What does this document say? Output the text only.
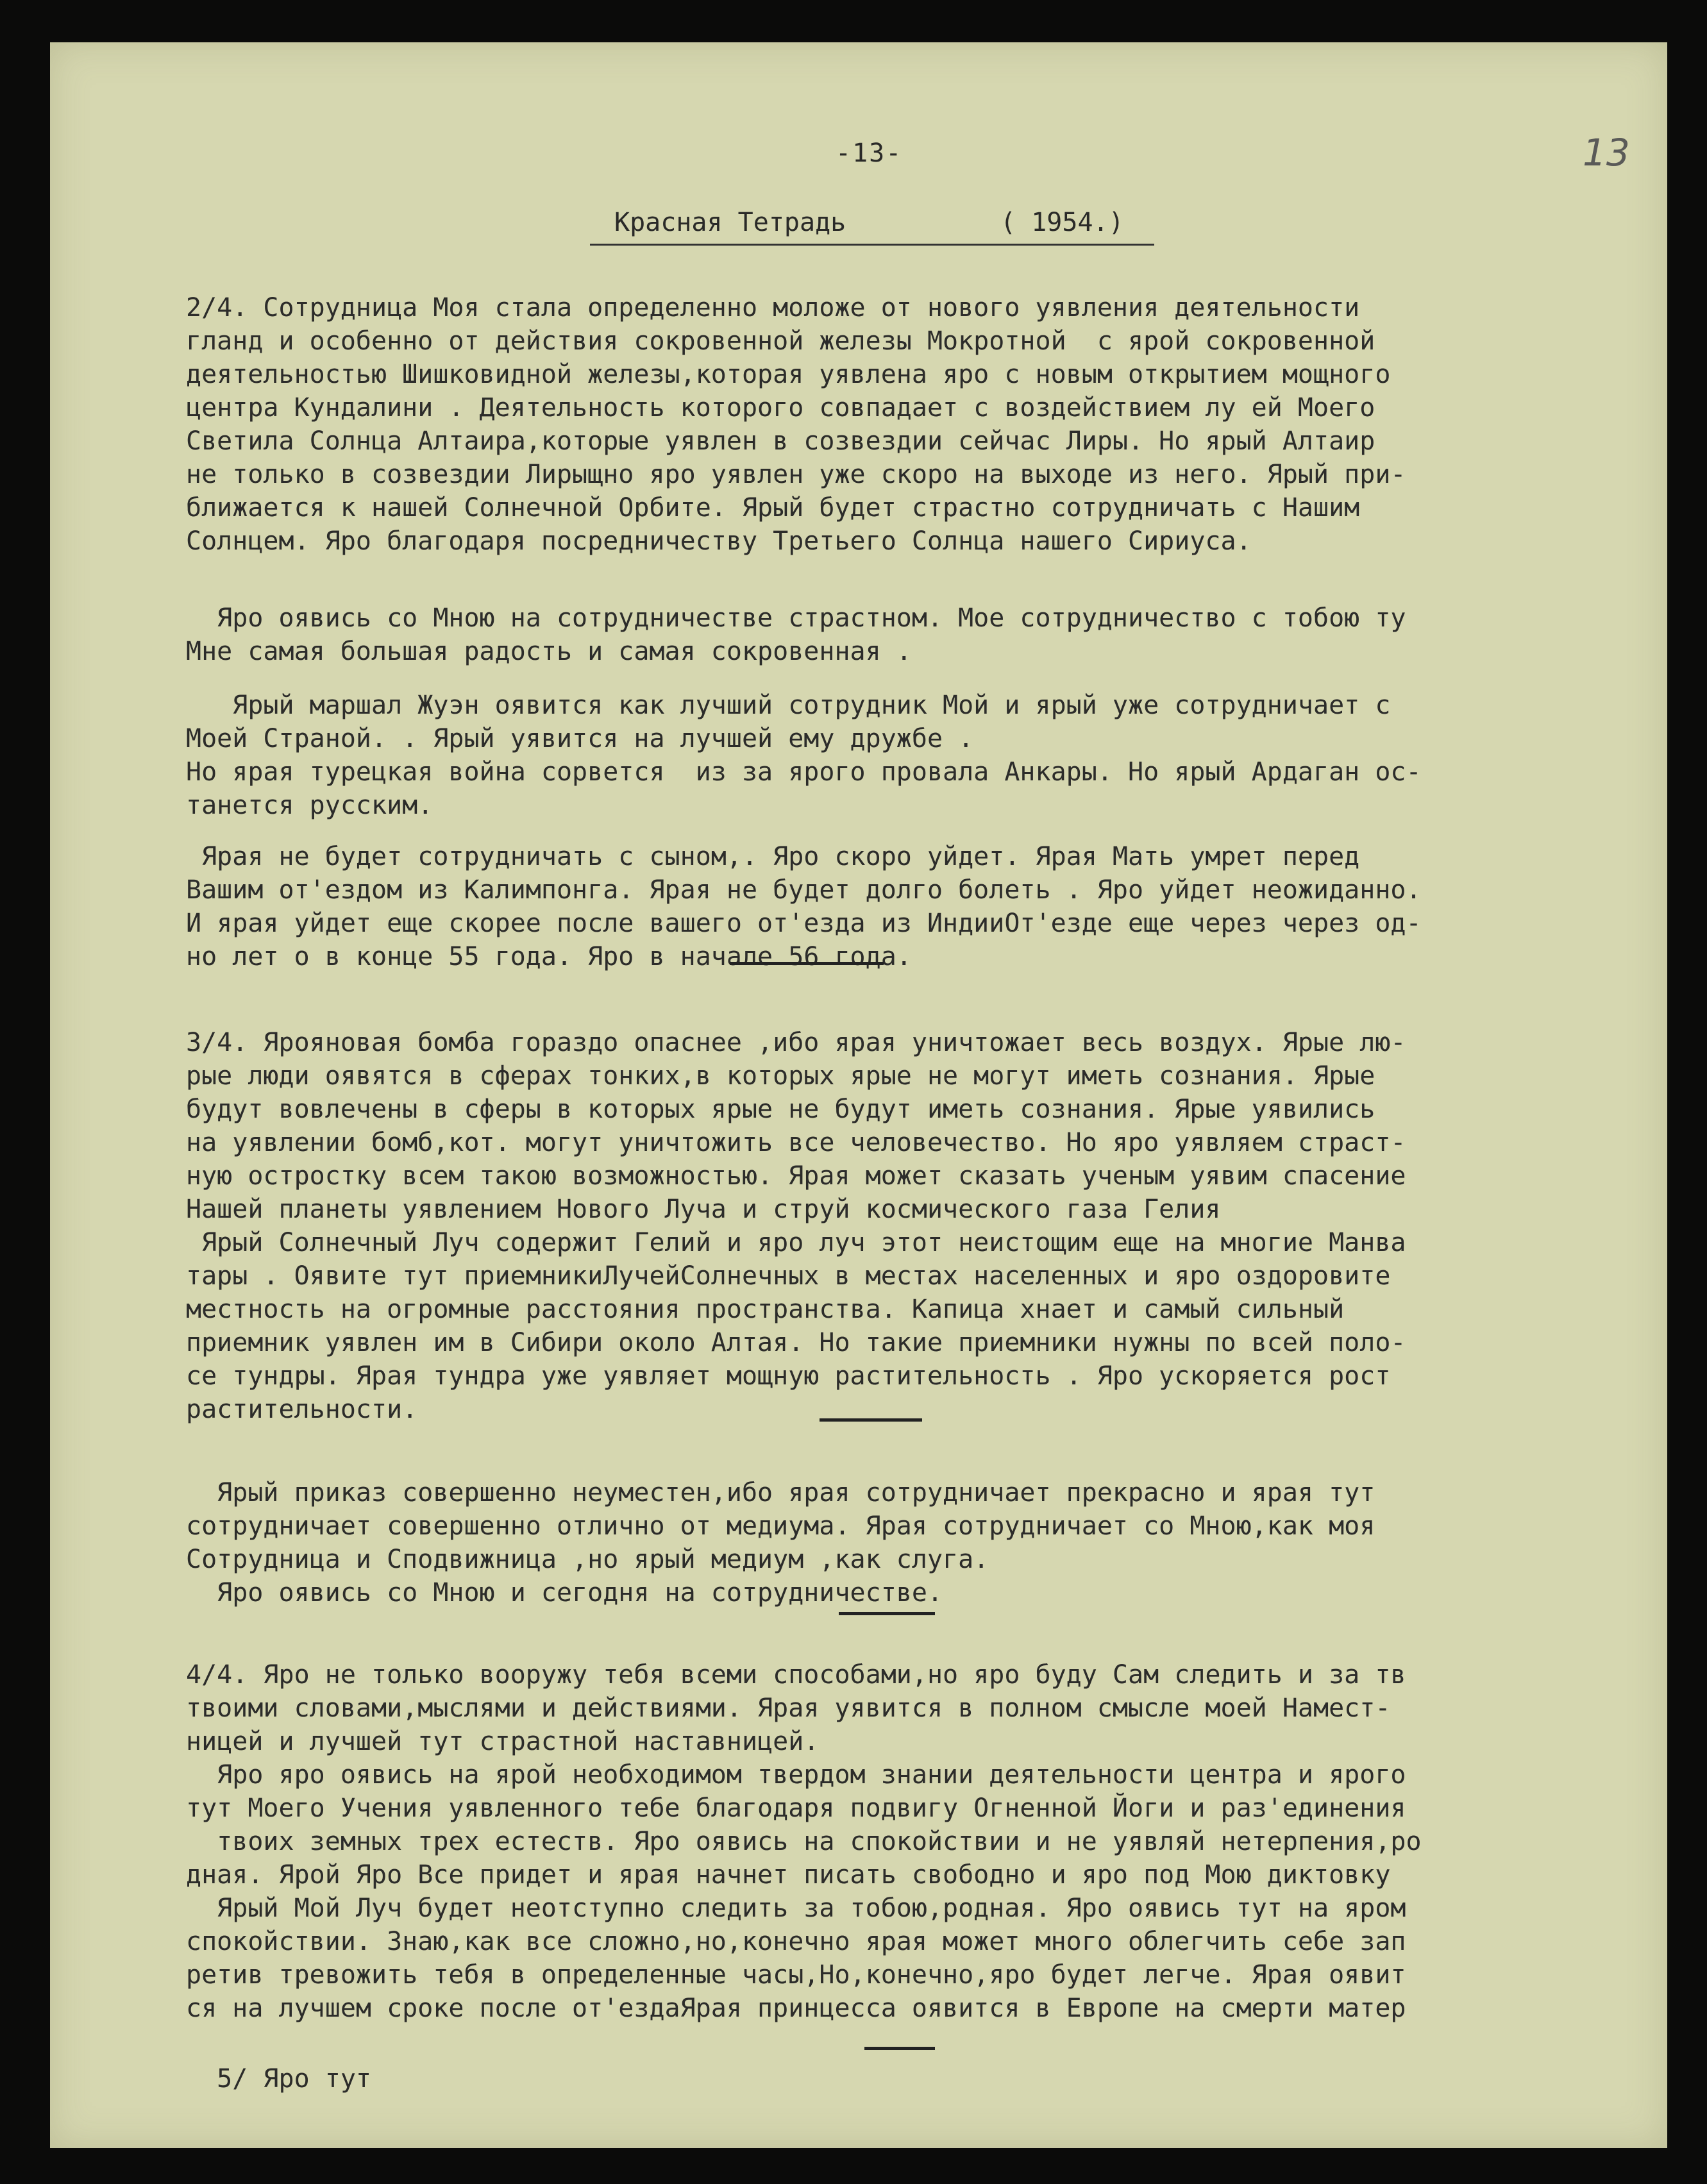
-13-	13
Красная Тетрадь          ( 1954.)
2/4. Сотрудница Моя стала определенно моложе от нового уявления деятельности
гланд и особенно от действия сокровенной железы Мокротной  с ярой сокровенной
деятельностью Шишковидной железы,которая уявлена яро с новым открытием мощного
центра Кундалини . Деятельность которого совпадает с воздействием лу ей Моего
Светила Солнца Алтаира,которые уявлен в созвездии сейчас Лиры. Но ярый Алтаир
не только в созвездии Лирыщно яро уявлен уже скоро на выходе из него. Ярый при-
ближается к нашей Солнечной Орбите. Ярый будет страстно сотрудничать с Нашим
Солнцем. Яро благодаря посредничеству Третьего Солнца нашего Сириуса.
Яро оявись со Мною на сотрудничестве страстном. Мое сотрудничество с тобою ту
Мне самая большая радость и самая сокровенная .
Ярый маршал Жуэн оявится как лучший сотрудник Мой и ярый уже сотрудничает с
Моей Страной. . Ярый уявится на лучшей ему дружбе .
Но ярая турецкая война сорвется  из за ярого провала Анкары. Но ярый Ардаган ос-
танется русским.
Ярая не будет сотрудничать с сыном,. Яро скоро уйдет. Ярая Мать умрет перед
Вашим от'ездом из Калимпонга. Ярая не будет долго болеть . Яро уйдет неожиданно.
И ярая уйдет еще скорее после вашего от'езда из ИндииОт'езде еще через через од-
но лет о в конце 55 года. Яро в начале 56 года.
3/4. Ярояновая бомба гораздо опаснее ,ибо ярая уничтожает весь воздух. Ярые лю-
рые люди оявятся в сферах тонких,в которых ярые не могут иметь сознания. Ярые
будут вовлечены в сферы в которых ярые не будут иметь сознания. Ярые уявились
на уявлении бомб,кот. могут уничтожить все человечество. Но яро уявляем страст-
ную остростку всем такою возможностью. Ярая может сказать ученым уявим спасение
Нашей планеты уявлением Нового Луча и струй космического газа Гелия
Ярый Солнечный Луч содержит Гелий и яро луч этот неистощим еще на многие Манва
тары . Оявите тут приемникиЛучейСолнечных в местах населенных и яро оздоровите
местность на огромные расстояния пространства. Капица хнает и самый сильный
приемник уявлен им в Сибири около Алтая. Но такие приемники нужны по всей поло-
се тундры. Ярая тундра уже уявляет мощную растительность . Яро ускоряется рост
растительности.
Ярый приказ совершенно неуместен,ибо ярая сотрудничает прекрасно и ярая тут
сотрудничает совершенно отлично от медиума. Ярая сотрудничает со Мною,как моя
Сотрудница и Сподвижница ,но ярый медиум ,как слуга.
Яро оявись со Мною и сегодня на сотрудничестве.
4/4. Яро не только вооружу тебя всеми способами,но яро буду Сам следить и за тв
твоими словами,мыслями и действиями. Ярая уявится в полном смысле моей Намест-
ницей и лучшей тут страстной наставницей.
Яро яро оявись на ярой необходимом твердом знании деятельности центра и ярого
тут Моего Учения уявленного тебе благодаря подвигу Огненной Йоги и раз'единения
твоих земных трех естеств. Яро оявись на спокойствии и не уявляй нетерпения,ро
дная. Ярой Яро Все придет и ярая начнет писать свободно и яро под Мою диктовку
Ярый Мой Луч будет неотступно следить за тобою,родная. Яро оявись тут на яром
спокойствии. Знаю,как все сложно,но,конечно ярая может много облегчить себе зап
ретив тревожить тебя в определенные часы,Но,конечно,яро будет легче. Ярая оявит
ся на лучшем сроке после от'ездаЯрая принцесса оявится в Европе на смерти матер
5/ Яро тут
